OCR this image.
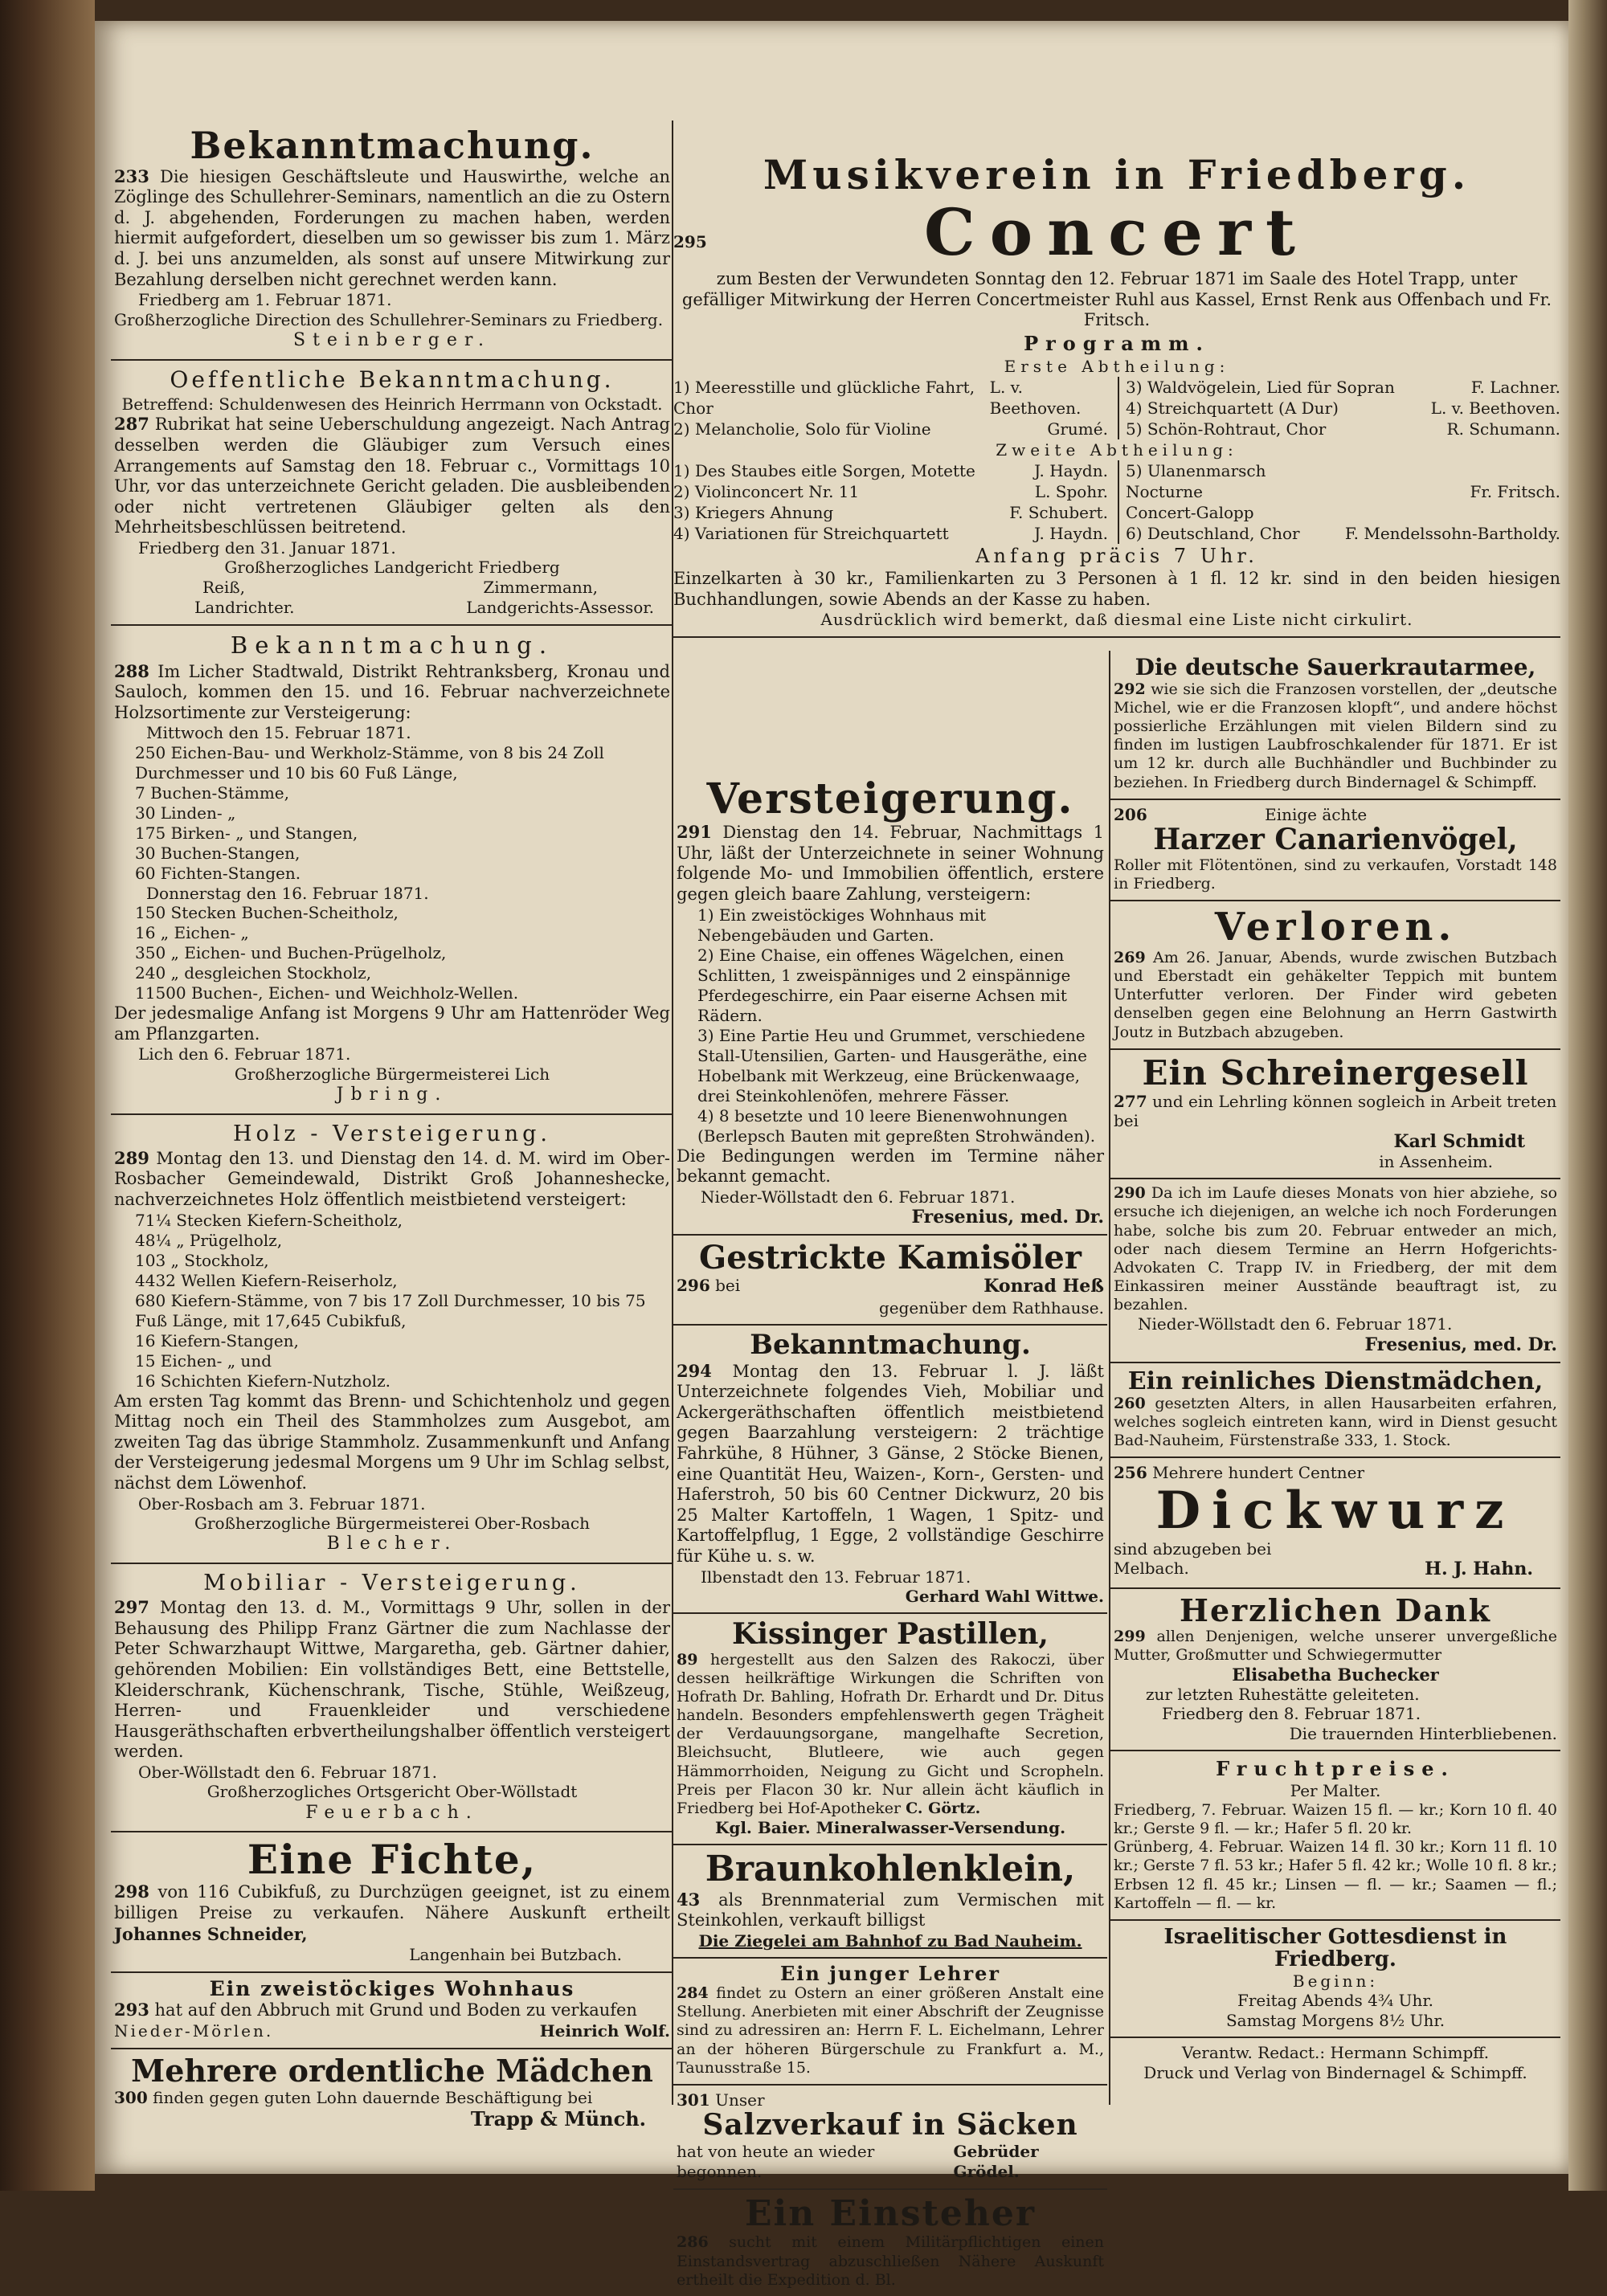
Bekanntmachung.
233 Die hiesigen Geschäftsleute und Hauswirthe, welche an Zöglinge des Schullehrer-Seminars, namentlich an die zu Ostern d. J. abgehenden, Forderungen zu machen haben, werden hiermit aufgefordert, dieselben um so gewisser bis zum 1. März d. J. bei uns anzumelden, als sonst auf unsere Mitwirkung zur Bezahlung derselben nicht gerechnet werden kann.
Friedberg am 1. Februar 1871.
Großherzogliche Direction des Schullehrer-Seminars zu Friedberg.
Steinberger.
Oeffentliche Bekanntmachung.
Betreffend: Schuldenwesen des Heinrich Herrmann von Ockstadt.
287 Rubrikat hat seine Ueberschuldung angezeigt. Nach Antrag desselben werden die Gläubiger zum Versuch eines Arrangements auf Samstag den 18. Februar c., Vormittags 10 Uhr, vor das unterzeichnete Gericht geladen. Die ausbleibenden oder nicht vertretenen Gläubiger gelten als den Mehrheitsbeschlüssen beitretend.
Friedberg den 31. Januar 1871.
Großherzogliches Landgericht Friedberg
Reiß,	Zimmermann,
Landrichter.	Landgerichts-Assessor.
Bekanntmachung.
288 Im Licher Stadtwald, Distrikt Rehtranksberg, Kronau und Sauloch, kommen den 15. und 16. Februar nachverzeichnete Holzsortimente zur Versteigerung:
Mittwoch den 15. Februar 1871.
250 Eichen-Bau- und Werkholz-Stämme, von 8 bis 24 Zoll Durchmesser und 10 bis 60 Fuß Länge,
7 Buchen-Stämme,
30 Linden- „
175 Birken- „ und Stangen,
30 Buchen-Stangen,
60 Fichten-Stangen.
Donnerstag den 16. Februar 1871.
150 Stecken Buchen-Scheitholz,
16 „ Eichen- „
350 „ Eichen- und Buchen-Prügelholz,
240 „ desgleichen Stockholz,
11500 Buchen-, Eichen- und Weichholz-Wellen.
Der jedesmalige Anfang ist Morgens 9 Uhr am Hattenröder Weg am Pflanzgarten.
Lich den 6. Februar 1871.
Großherzogliche Bürgermeisterei Lich
Jbring.
Holz - Versteigerung.
289 Montag den 13. und Dienstag den 14. d. M. wird im Ober-Rosbacher Gemeindewald, Distrikt Groß Johanneshecke, nachverzeichnetes Holz öffentlich meistbietend versteigert:
71¼ Stecken Kiefern-Scheitholz,
48¼ „ Prügelholz,
103 „ Stockholz,
4432 Wellen Kiefern-Reiserholz,
680 Kiefern-Stämme, von 7 bis 17 Zoll Durchmesser, 10 bis 75 Fuß Länge, mit 17,645 Cubikfuß,
16 Kiefern-Stangen,
15 Eichen- „ und
16 Schichten Kiefern-Nutzholz.
Am ersten Tag kommt das Brenn- und Schichtenholz und gegen Mittag noch ein Theil des Stammholzes zum Ausgebot, am zweiten Tag das übrige Stammholz. Zusammenkunft und Anfang der Versteigerung jedesmal Morgens um 9 Uhr im Schlag selbst, nächst dem Löwenhof.
Ober-Rosbach am 3. Februar 1871.
Großherzogliche Bürgermeisterei Ober-Rosbach
Blecher.
Mobiliar - Versteigerung.
297 Montag den 13. d. M., Vormittags 9 Uhr, sollen in der Behausung des Philipp Franz Gärtner die zum Nachlasse der Peter Schwarzhaupt Wittwe, Margaretha, geb. Gärtner dahier, gehörenden Mobilien: Ein vollständiges Bett, eine Bettstelle, Kleiderschrank, Küchenschrank, Tische, Stühle, Weißzeug, Herren- und Frauenkleider und verschiedene Hausgeräthschaften erbvertheilungshalber öffentlich versteigert werden.
Ober-Wöllstadt den 6. Februar 1871.
Großherzogliches Ortsgericht Ober-Wöllstadt
Feuerbach.
Eine Fichte,
298 von 116 Cubikfuß, zu Durchzügen geeignet, ist zu einem billigen Preise zu verkaufen. Nähere Auskunft ertheilt Johannes Schneider,
Langenhain bei Butzbach.
Ein zweistöckiges Wohnhaus
293 hat auf den Abbruch mit Grund und Boden zu verkaufen
Nieder-Mörlen.	Heinrich Wolf.
Mehrere ordentliche Mädchen
300 finden gegen guten Lohn dauernde Beschäftigung bei
Trapp & Münch.
Musikverein in Friedberg.
295	Concert
zum Besten der Verwundeten Sonntag den 12. Februar 1871 im Saale des Hotel Trapp, unter gefälliger Mitwirkung der Herren Concertmeister Ruhl aus Kassel, Ernst Renk aus Offenbach und Fr. Fritsch.
Programm.
Erste Abtheilung:
1) Meeresstille und glückliche Fahrt, Chor
L. v. Beethoven.
2) Melancholie, Solo für Violine	Grumé.
3) Waldvögelein, Lied für Sopran	F. Lachner.
4) Streichquartett (A Dur)	L. v. Beethoven.
5) Schön-Rohtraut, Chor	R. Schumann.
Zweite Abtheilung:
1) Des Staubes eitle Sorgen, Motette	J. Haydn.
2) Violinconcert Nr. 11	L. Spohr.
3) Kriegers Ahnung	F. Schubert.
4) Variationen für Streichquartett	J. Haydn.
5) Ulanenmarsch
Nocturne	Fr. Fritsch.
Concert-Galopp
6) Deutschland, Chor	F. Mendelssohn-Bartholdy.
Anfang präcis 7 Uhr.
Einzelkarten à 30 kr., Familienkarten zu 3 Personen à 1 fl. 12 kr. sind in den beiden hiesigen Buchhandlungen, sowie Abends an der Kasse zu haben.
Ausdrücklich wird bemerkt, daß diesmal eine Liste nicht cirkulirt.
Versteigerung.
291 Dienstag den 14. Februar, Nachmittags 1 Uhr, läßt der Unterzeichnete in seiner Wohnung folgende Mo- und Immobilien öffentlich, erstere gegen gleich baare Zahlung, versteigern:
1) Ein zweistöckiges Wohnhaus mit Nebengebäuden und Garten.
2) Eine Chaise, ein offenes Wägelchen, einen Schlitten, 1 zweispänniges und 2 einspännige Pferdegeschirre, ein Paar eiserne Achsen mit Rädern.
3) Eine Partie Heu und Grummet, verschiedene Stall-Utensilien, Garten- und Hausgeräthe, eine Hobelbank mit Werkzeug, eine Brückenwaage, drei Steinkohlenöfen, mehrere Fässer.
4) 8 besetzte und 10 leere Bienenwohnungen (Berlepsch Bauten mit gepreßten Strohwänden).
Die Bedingungen werden im Termine näher bekannt gemacht.
Nieder-Wöllstadt den 6. Februar 1871.
Fresenius, med. Dr.
Gestrickte Kamisöler
296 bei	Konrad Heß
gegenüber dem Rathhause.
Bekanntmachung.
294 Montag den 13. Februar l. J. läßt Unterzeichnete folgendes Vieh, Mobiliar und Ackergeräthschaften öffentlich meistbietend gegen Baarzahlung versteigern: 2 trächtige Fahrkühe, 8 Hühner, 3 Gänse, 2 Stöcke Bienen, eine Quantität Heu, Waizen-, Korn-, Gersten- und Haferstroh, 50 bis 60 Centner Dickwurz, 20 bis 25 Malter Kartoffeln, 1 Wagen, 1 Spitz- und Kartoffelpflug, 1 Egge, 2 vollständige Geschirre für Kühe u. s. w.
Ilbenstadt den 13. Februar 1871.
Gerhard Wahl Wittwe.
Kissinger Pastillen,
89 hergestellt aus den Salzen des Rakoczi, über dessen heilkräftige Wirkungen die Schriften von Hofrath Dr. Bahling, Hofrath Dr. Erhardt und Dr. Ditus handeln. Besonders empfehlenswerth gegen Trägheit der Verdauungsorgane, mangelhafte Secretion, Bleichsucht, Blutleere, wie auch gegen Hämmorrhoiden, Neigung zu Gicht und Scropheln. Preis per Flacon 30 kr. Nur allein ächt käuflich in Friedberg bei Hof-Apotheker C. Görtz.
Kgl. Baier. Mineralwasser-Versendung.
Braunkohlenklein,
43 als Brennmaterial zum Vermischen mit Steinkohlen, verkauft billigst
Die Ziegelei am Bahnhof zu Bad Nauheim.
Ein junger Lehrer
284 findet zu Ostern an einer größeren Anstalt eine Stellung. Anerbieten mit einer Abschrift der Zeugnisse sind zu adressiren an: Herrn F. L. Eichelmann, Lehrer an der höheren Bürgerschule zu Frankfurt a. M., Taunusstraße 15.
301 Unser
Salzverkauf in Säcken
hat von heute an wieder begonnen.
Gebrüder Grödel.
Ein Einsteher
286 sucht mit einem Militärpflichtigen einen Einstandsvertrag abzuschließen Nähere Auskunft ertheilt die Expedition d. Bl.
Die deutsche Sauerkrautarmee,
292 wie sie sich die Franzosen vorstellen, der „deutsche Michel, wie er die Franzosen klopft“, und andere höchst possierliche Erzählungen mit vielen Bildern sind zu finden im lustigen Laubfroschkalender für 1871. Er ist um 12 kr. durch alle Buchhändler und Buchbinder zu beziehen. In Friedberg durch Bindernagel & Schimpff.
206	Einige ächte
Harzer Canarienvögel,
Roller mit Flötentönen, sind zu verkaufen, Vorstadt 148 in Friedberg.
Verloren.
269 Am 26. Januar, Abends, wurde zwischen Butzbach und Eberstadt ein gehäkelter Teppich mit buntem Unterfutter verloren. Der Finder wird gebeten denselben gegen eine Belohnung an Herrn Gastwirth Joutz in Butzbach abzugeben.
Ein Schreinergesell
277 und ein Lehrling können sogleich in Arbeit treten bei
Karl Schmidt
in Assenheim.
290 Da ich im Laufe dieses Monats von hier abziehe, so ersuche ich diejenigen, an welche ich noch Forderungen habe, solche bis zum 20. Februar entweder an mich, oder nach diesem Termine an Herrn Hofgerichts-Advokaten C. Trapp IV. in Friedberg, der mit dem Einkassiren meiner Ausstände beauftragt ist, zu bezahlen.
Nieder-Wöllstadt den 6. Februar 1871.
Fresenius, med. Dr.
Ein reinliches Dienstmädchen,
260 gesetzten Alters, in allen Hausarbeiten erfahren, welches sogleich eintreten kann, wird in Dienst gesucht Bad-Nauheim, Fürstenstraße 333, 1. Stock.
256 Mehrere hundert Centner
Dickwurz
sind abzugeben bei
Melbach.	H. J. Hahn.
Herzlichen Dank
299 allen Denjenigen, welche unserer unvergeßliche Mutter, Großmutter und Schwiegermutter
Elisabetha Buchecker
zur letzten Ruhestätte geleiteten.
Friedberg den 8. Februar 1871.
Die trauernden Hinterbliebenen.
Fruchtpreise.
Per Malter.
Friedberg, 7. Februar. Waizen 15 fl. — kr.; Korn 10 fl. 40 kr.; Gerste 9 fl. — kr.; Hafer 5 fl. 20 kr.
Grünberg, 4. Februar. Waizen 14 fl. 30 kr.; Korn 11 fl. 10 kr.; Gerste 7 fl. 53 kr.; Hafer 5 fl. 42 kr.; Wolle 10 fl. 8 kr.; Erbsen 12 fl. 45 kr.; Linsen — fl. — kr.; Saamen — fl.; Kartoffeln — fl. — kr.
Israelitischer Gottesdienst in Friedberg.
Beginn:
Freitag Abends 4¾ Uhr.
Samstag Morgens 8½ Uhr.
Verantw. Redact.: Hermann Schimpff.
Druck und Verlag von Bindernagel & Schimpff.
